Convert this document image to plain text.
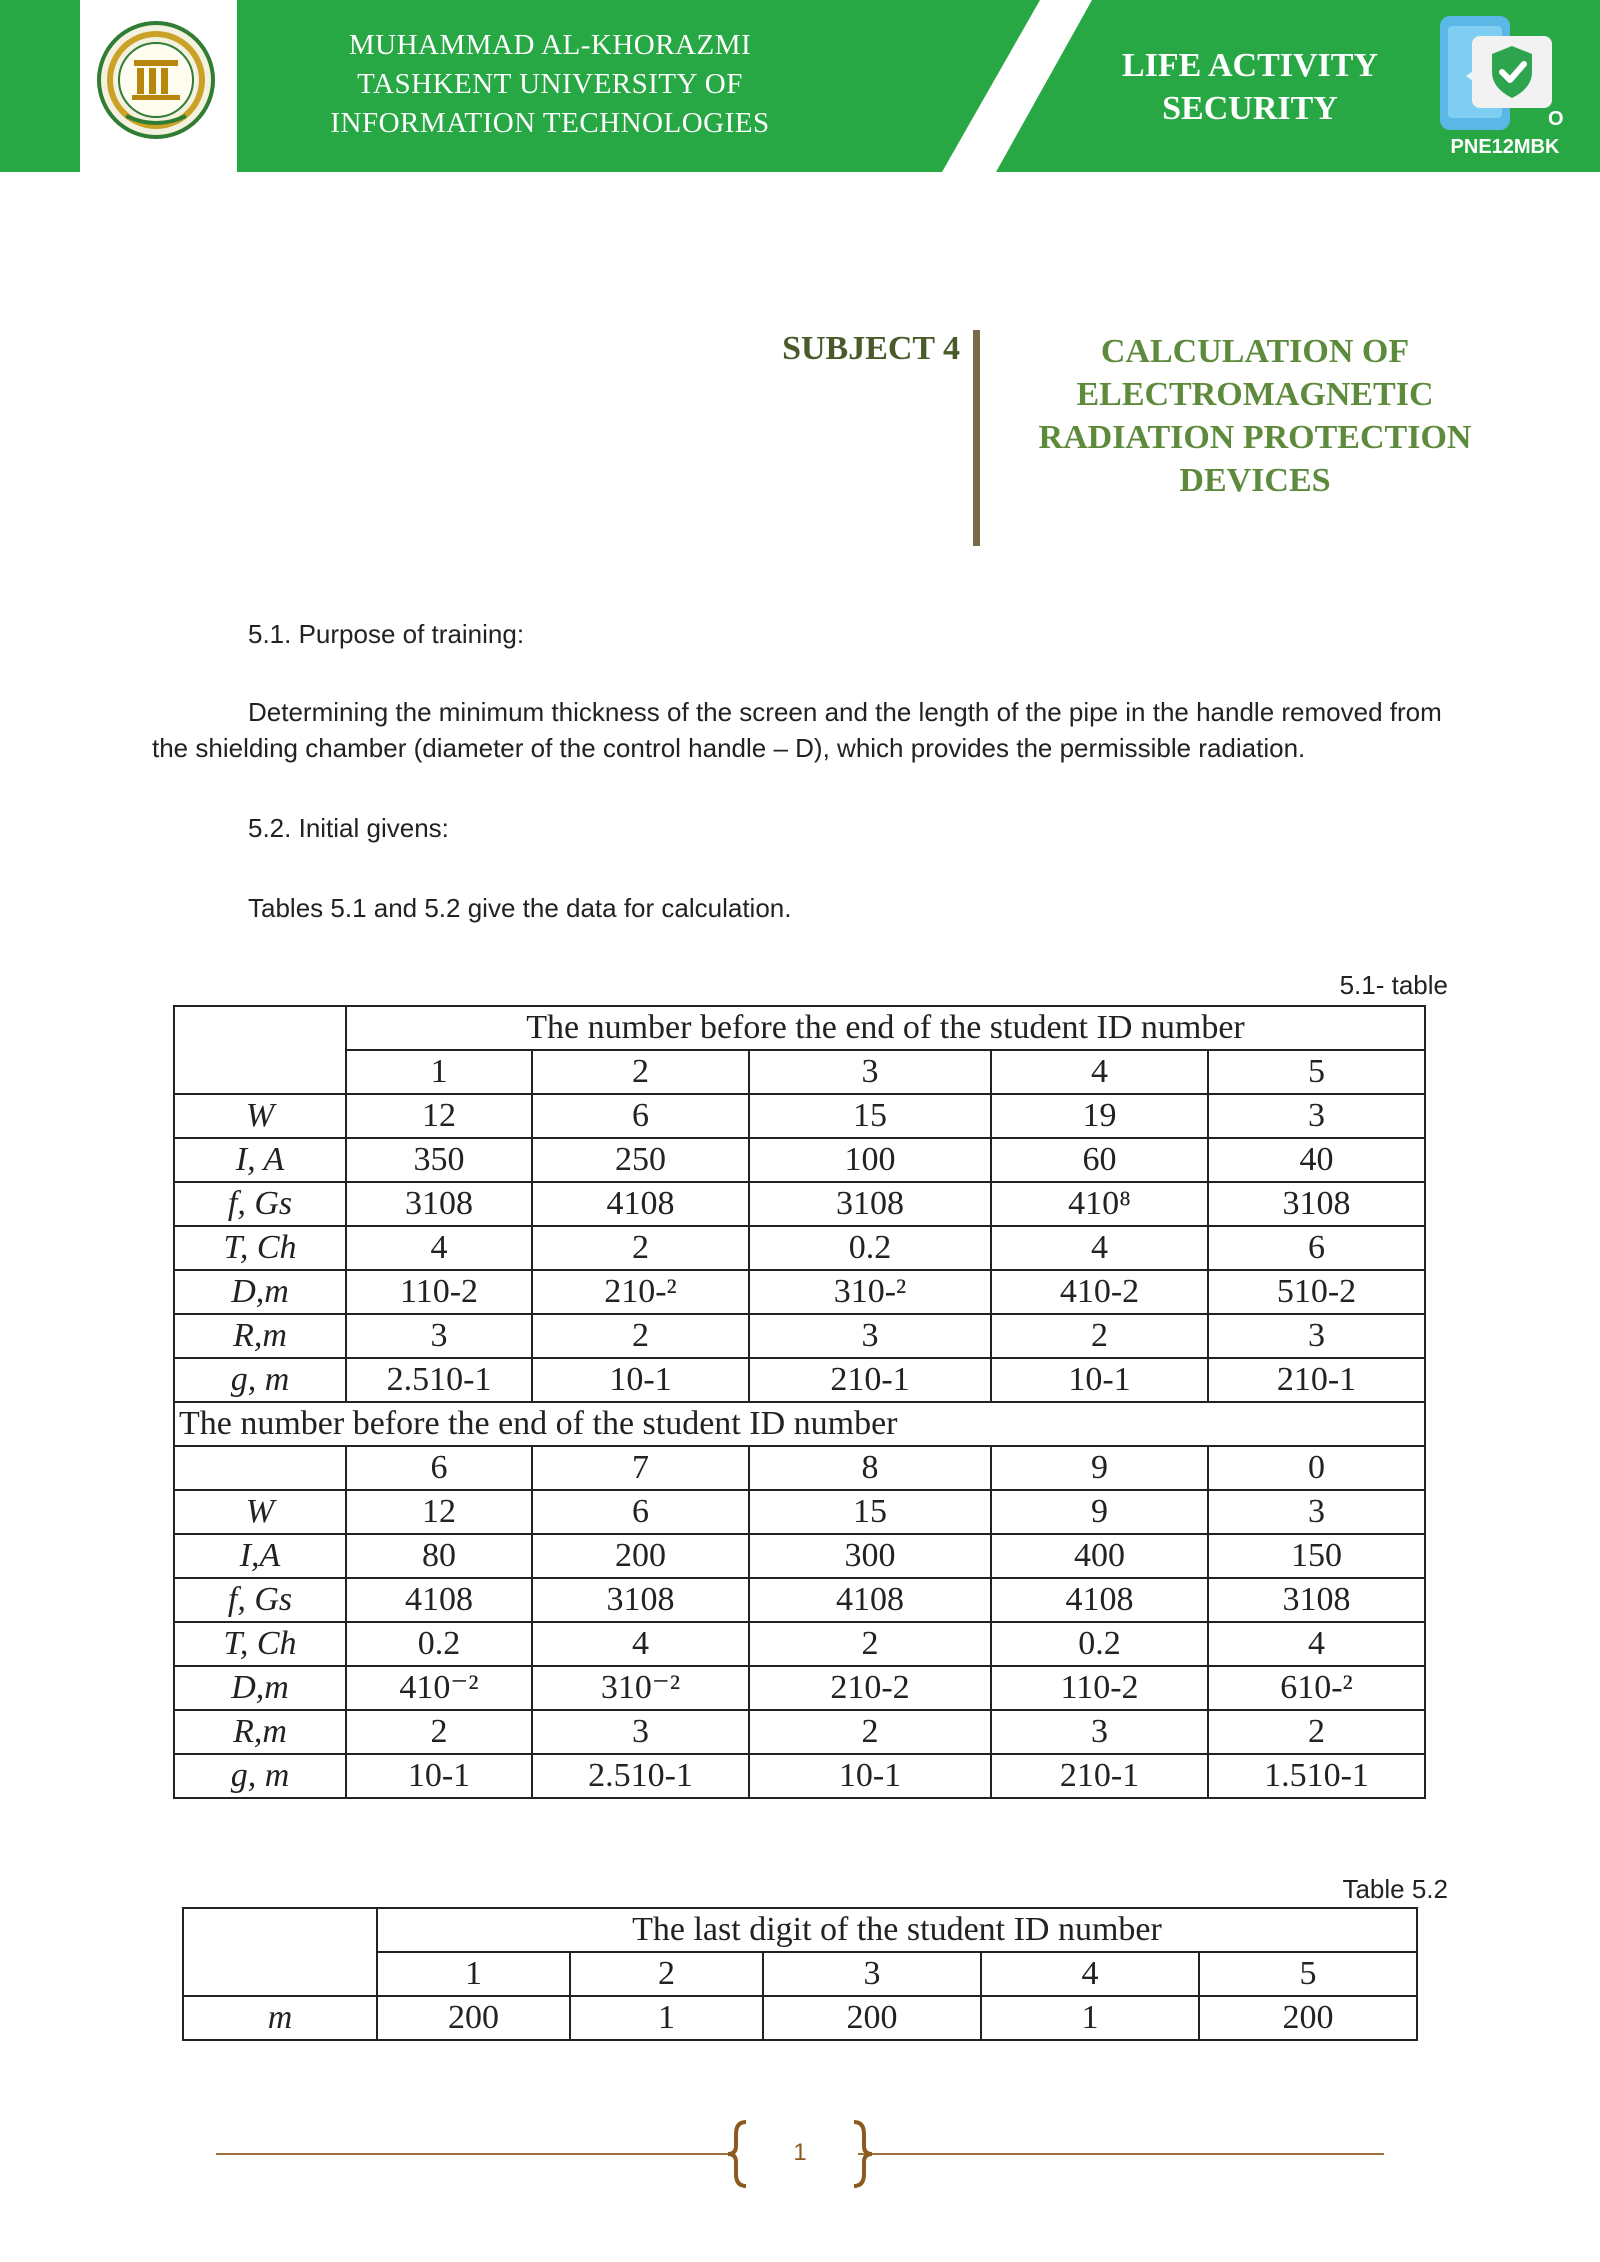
MUHAMMAD AL-KHORAZMI
TASHKENT UNIVERSITY OF
INFORMATION TECHNOLOGIES
LIFE ACTIVITY
SECURITY	O
PNE12MBK
SUBJECT 4	CALCULATION OF
ELECTROMAGNETIC
RADIATION PROTECTION
DEVICES
5.1. Purpose of training:
Determining the minimum thickness of the screen and the length of the pipe in the handle removed from the shielding chamber (diameter of the control handle – D), which provides the permissible radiation.
5.2. Initial givens:
Tables 5.1 and 5.2 give the data for calculation.
5.1- table
	The number before the end of the student ID number				
	1	2	3	4	5
W	12	6	15	19	3
I, A	350	250	100	60	40
f, Gs	3108	4108	3108	410⁸	3108
T, Ch	4	2	0.2	4	6
D,m	110-2	210-²	310-²	410-2	510-2
R,m	3	2	3	2	3
g, m	2.510-1	10-1	210-1	10-1	210-1
The number before the end of the student ID number					
	6	7	8	9	0
W	12	6	15	9	3
I,A	80	200	300	400	150
f, Gs	4108	3108	4108	4108	3108
T, Ch	0.2	4	2	0.2	4
D,m	410⁻²	310⁻²	210-2	110-2	610-²
R,m	2	3	2	3	2
g, m	10-1	2.510-1	10-1	210-1	1.510-1
Table 5.2
	The last digit of the student ID number				
	1	2	3	4	5
m	200	1	200	1	200
1
